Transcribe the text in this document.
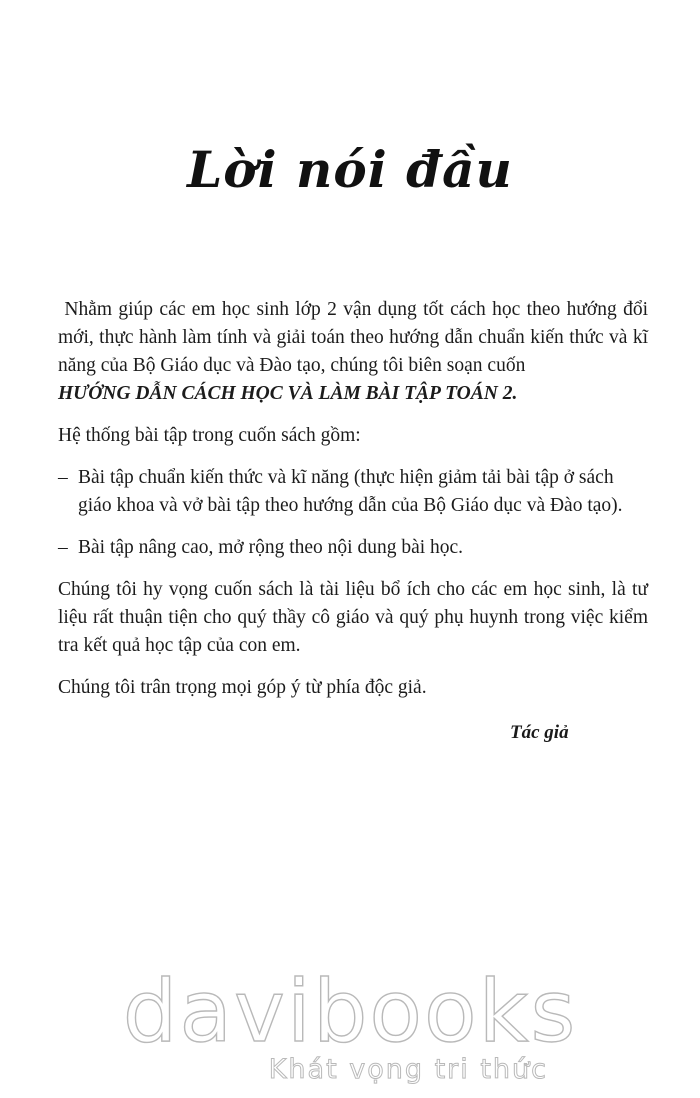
Lời nói đầu

Nhằm giúp các em học sinh lớp 2 vận dụng tốt cách học theo hướng đổi mới, thực hành làm tính và giải toán theo hướng dẫn chuẩn kiến thức và kĩ năng của Bộ Giáo dục và Đào tạo, chúng tôi biên soạn cuốn
HƯỚNG DẪN CÁCH HỌC VÀ LÀM BÀI TẬP TOÁN 2.

Hệ thống bài tập trong cuốn sách gồm:

– Bài tập chuẩn kiến thức và kĩ năng (thực hiện giảm tải bài tập ở sách giáo khoa và vở bài tập theo hướng dẫn của Bộ Giáo dục và Đào tạo).
– Bài tập nâng cao, mở rộng theo nội dung bài học.

Chúng tôi hy vọng cuốn sách là tài liệu bổ ích cho các em học sinh, là tư liệu rất thuận tiện cho quý thầy cô giáo và quý phụ huynh trong việc kiểm tra kết quả học tập của con em.

Chúng tôi trân trọng mọi góp ý từ phía độc giả.

Tác giả
davibooks
Khát vọng tri thức
